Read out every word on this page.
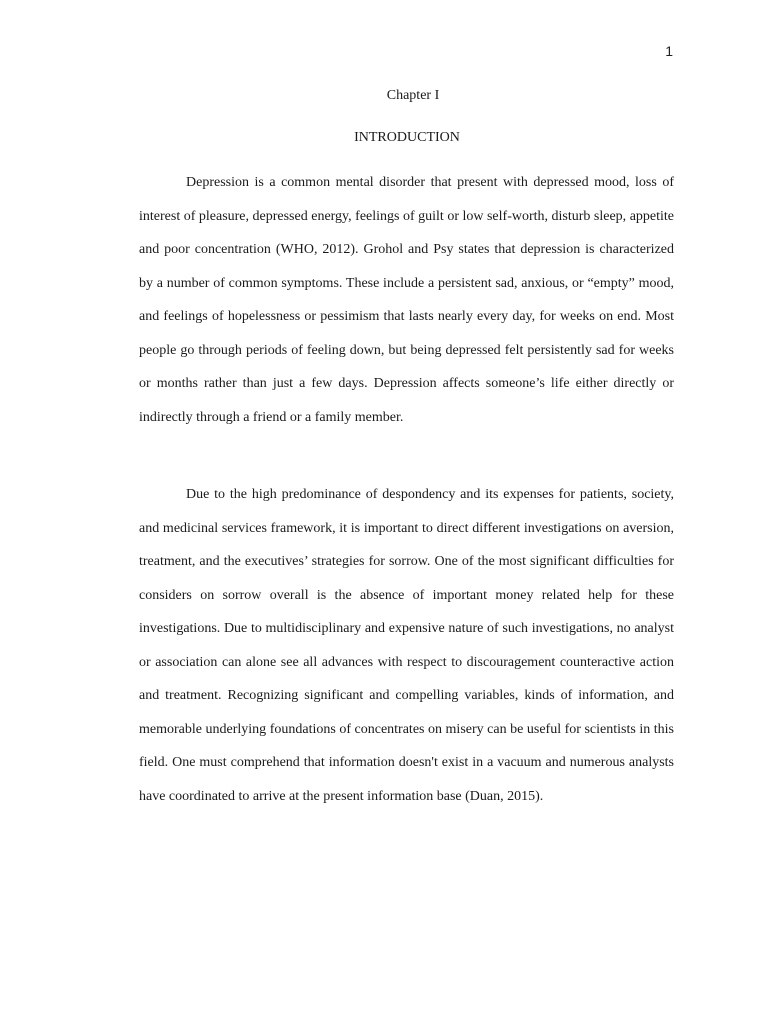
1
Chapter I
INTRODUCTION

Depression is a common mental disorder that present with depressed mood, loss of interest of pleasure, depressed energy, feelings of guilt or low self-worth, disturb sleep, appetite and poor concentration (WHO, 2012). Grohol and Psy states that depression is characterized by a number of common symptoms. These include a persistent sad, anxious, or “empty” mood, and feelings of hopelessness or pessimism that lasts nearly every day, for weeks on end. Most people go through periods of feeling down, but being depressed felt persistently sad for weeks or months rather than just a few days. Depression affects someone’s life either directly or indirectly through a friend or a family member.

Due to the high predominance of despondency and its expenses for patients, society, and medicinal services framework, it is important to direct different investigations on aversion, treatment, and the executives’ strategies for sorrow. One of the most significant difficulties for considers on sorrow overall is the absence of important money related help for these investigations. Due to multidisciplinary and expensive nature of such investigations, no analyst or association can alone see all advances with respect to discouragement counteractive action and treatment. Recognizing significant and compelling variables, kinds of information, and memorable underlying foundations of concentrates on misery can be useful for scientists in this field. One must comprehend that information doesn't exist in a vacuum and numerous analysts have coordinated to arrive at the present information base (Duan, 2015).
